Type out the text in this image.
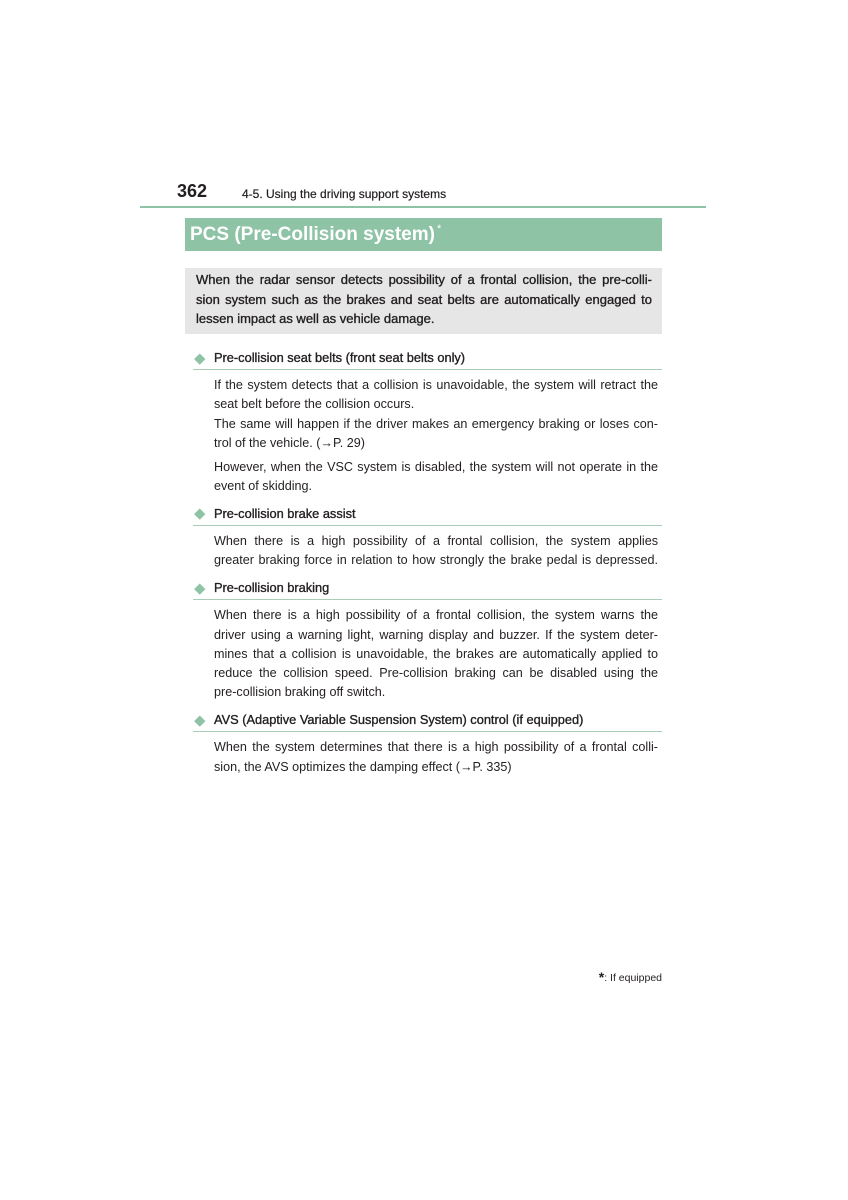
362	4-5. Using the driving support systems
PCS (Pre-Collision system) *
When the radar sensor detects possibility of a frontal collision, the pre-colli-
sion system such as the brakes and seat belts are automatically engaged to
lessen impact as well as vehicle damage.
Pre-collision seat belts (front seat belts only)
If the system detects that a collision is unavoidable, the system will retract the
seat belt before the collision occurs.
The same will happen if the driver makes an emergency braking or loses con-
trol of the vehicle. (→P. 29)
However, when the VSC system is disabled, the system will not operate in the
event of skidding.
Pre-collision brake assist
When there is a high possibility of a frontal collision, the system applies
greater braking force in relation to how strongly the brake pedal is depressed.
Pre-collision braking
When there is a high possibility of a frontal collision, the system warns the
driver using a warning light, warning display and buzzer. If the system deter-
mines that a collision is unavoidable, the brakes are automatically applied to
reduce the collision speed. Pre-collision braking can be disabled using the
pre-collision braking off switch.
AVS (Adaptive Variable Suspension System) control (if equipped)
When the system determines that there is a high possibility of a frontal colli-
sion, the AVS optimizes the damping effect (→P. 335)
*: If equipped
